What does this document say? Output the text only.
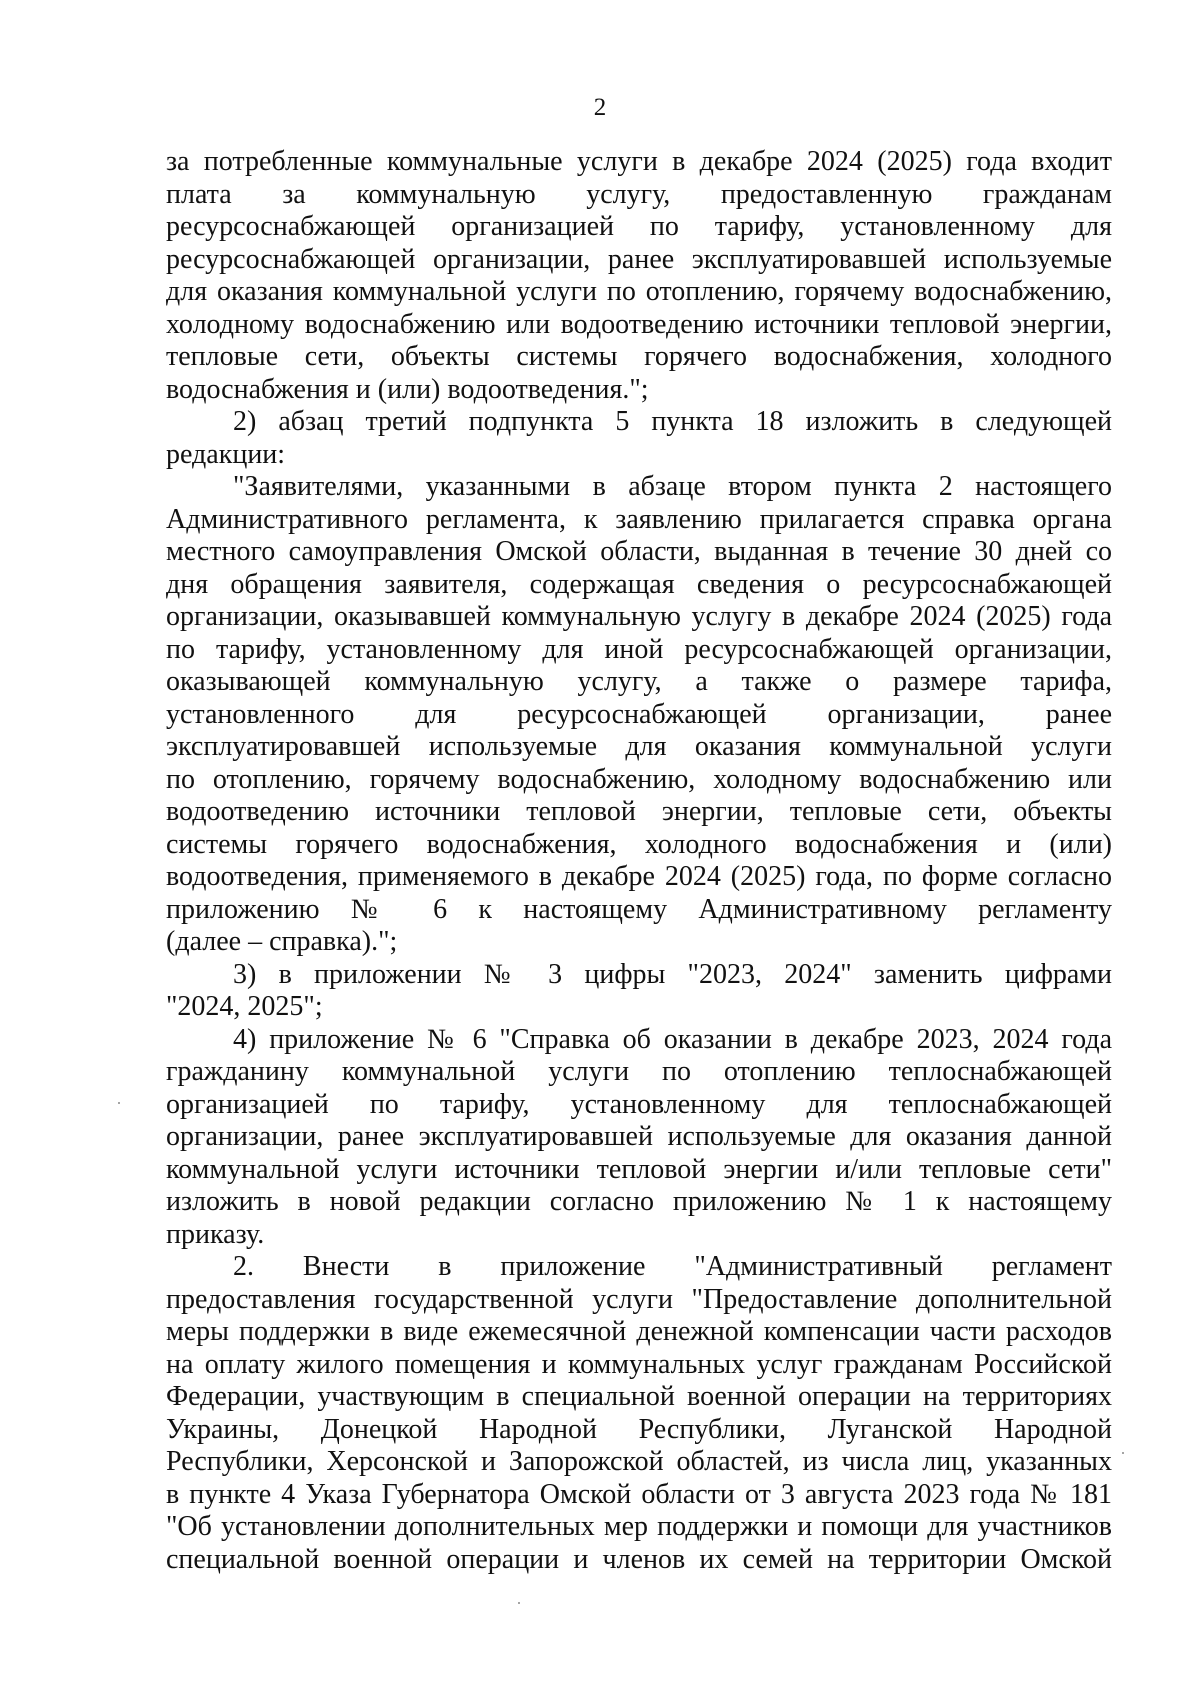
2

за потребленные коммунальные услуги в декабре 2024 (2025) года входит

плата за коммунальную услугу, предоставленную гражданам

ресурсоснабжающей организацией по тарифу, установленному для

ресурсоснабжающей организации, ранее эксплуатировавшей используемые

для оказания коммунальной услуги по отоплению, горячему водоснабжению,

холодному водоснабжению или водоотведению источники тепловой энергии,

тепловые сети, объекты системы горячего водоснабжения, холодного

водоснабжения и (или) водоотведения.";

2) абзац третий подпункта 5 пункта 18 изложить в следующей

редакции:

"Заявителями, указанными в абзаце втором пункта 2 настоящего

Административного регламента, к заявлению прилагается справка органа

местного самоуправления Омской области, выданная в течение 30 дней со

дня обращения заявителя, содержащая сведения о ресурсоснабжающей

организации, оказывавшей коммунальную услугу в декабре 2024 (2025) года

по тарифу, установленному для иной ресурсоснабжающей организации,

оказывающей коммунальную услугу, а также о размере тарифа,

установленного для ресурсоснабжающей организации, ранее

эксплуатировавшей используемые для оказания коммунальной услуги

по отоплению, горячему водоснабжению, холодному водоснабжению или

водоотведению источники тепловой энергии, тепловые сети, объекты

системы горячего водоснабжения, холодного водоснабжения и (или)

водоотведения, применяемого в декабре 2024 (2025) года, по форме согласно

приложению № 6 к настоящему Административному регламенту

(далее – справка).";

3) в приложении № 3 цифры "2023, 2024" заменить цифрами

"2024, 2025";

4) приложение № 6 "Справка об оказании в декабре 2023, 2024 года

гражданину коммунальной услуги по отоплению теплоснабжающей

организацией по тарифу, установленному для теплоснабжающей

организации, ранее эксплуатировавшей используемые для оказания данной

коммунальной услуги источники тепловой энергии и/или тепловые сети"

изложить в новой редакции согласно приложению № 1 к настоящему

приказу.

2. Внести в приложение "Административный регламент

предоставления государственной услуги "Предоставление дополнительной

меры поддержки в виде ежемесячной денежной компенсации части расходов

на оплату жилого помещения и коммунальных услуг гражданам Российской

Федерации, участвующим в специальной военной операции на территориях

Украины, Донецкой Народной Республики, Луганской Народной

Республики, Херсонской и Запорожской областей, из числа лиц, указанных

в пункте 4 Указа Губернатора Омской области от 3 августа 2023 года № 181

"Об установлении дополнительных мер поддержки и помощи для участников

специальной военной операции и членов их семей на территории Омской
